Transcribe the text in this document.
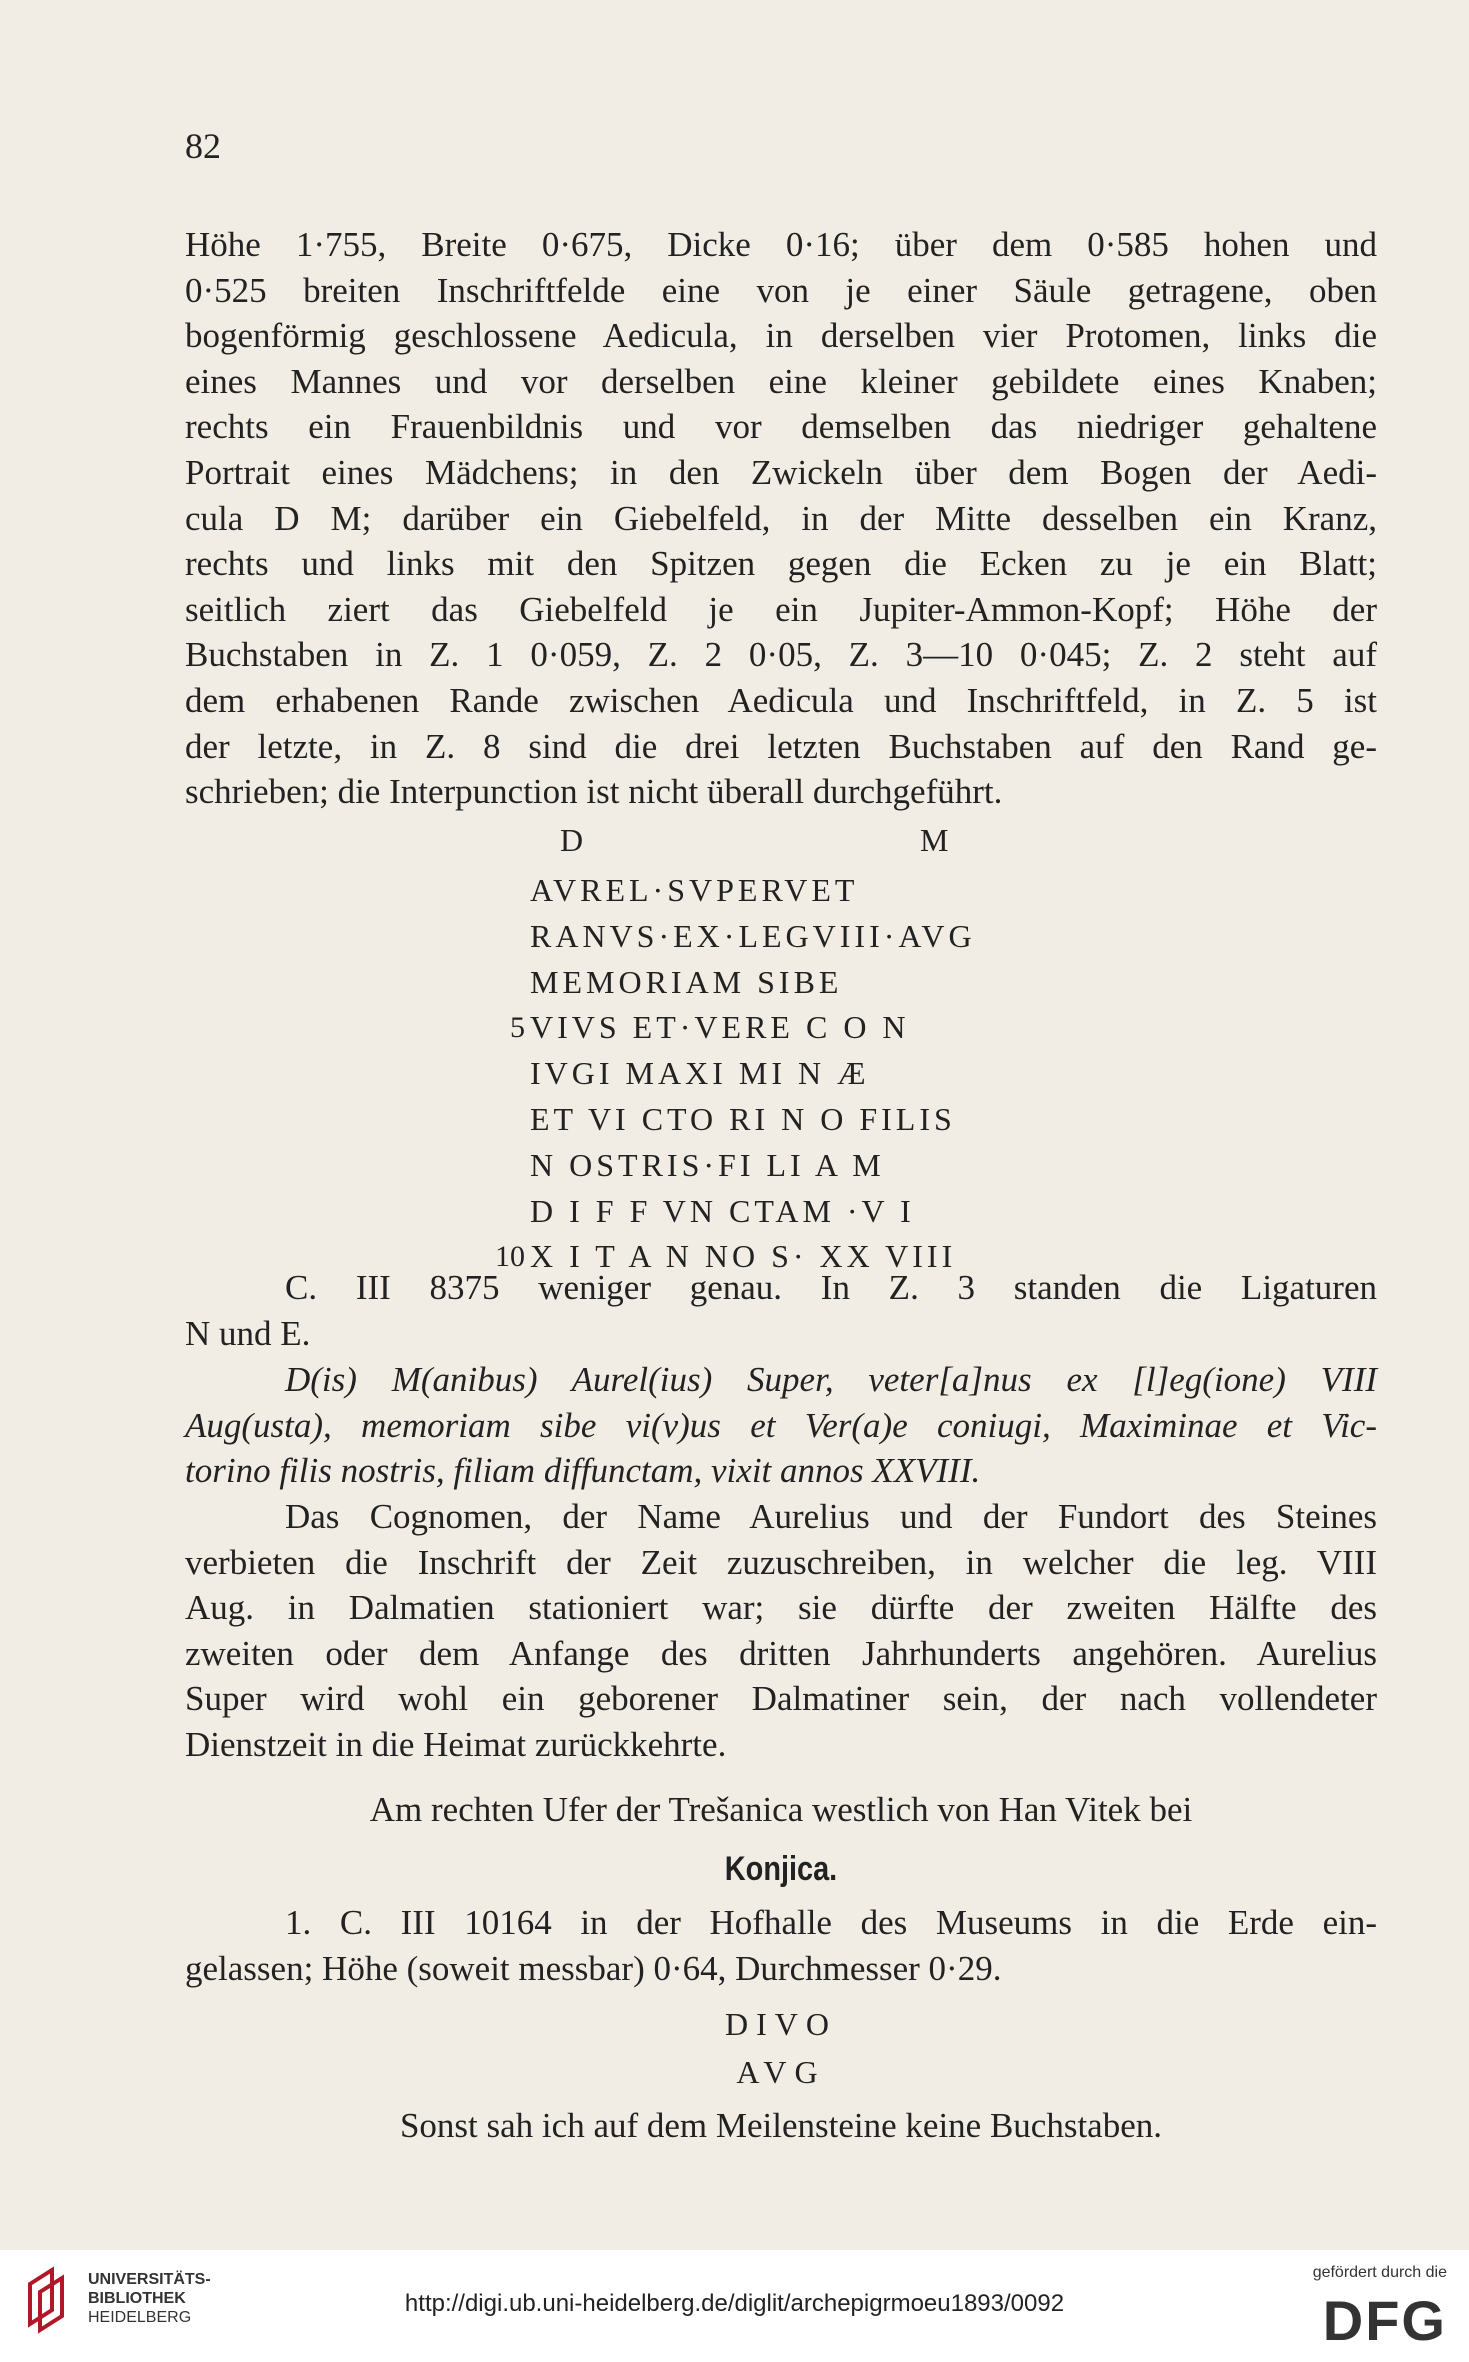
82
Höhe 1·755, Breite 0·675, Dicke 0·16; über dem 0·585 hohen und
0·525 breiten Inschriftfelde eine von je einer Säule getragene, oben
bogenförmig geschlossene Aedicula, in derselben vier Protomen, links die
eines Mannes und vor derselben eine kleiner gebildete eines Knaben;
rechts ein Frauenbildnis und vor demselben das niedriger gehaltene
Portrait eines Mädchens; in den Zwickeln über dem Bogen der Aedi-
cula D M; darüber ein Giebelfeld, in der Mitte desselben ein Kranz,
rechts und links mit den Spitzen gegen die Ecken zu je ein Blatt;
seitlich ziert das Giebelfeld je ein Jupiter-Ammon-Kopf; Höhe der
Buchstaben in Z. 1 0·059, Z. 2 0·05, Z. 3—10 0·045; Z. 2 steht auf
dem erhabenen Rande zwischen Aedicula und Inschriftfeld, in Z. 5 ist
der letzte, in Z. 8 sind die drei letzten Buchstaben auf den Rand ge-
schrieben; die Interpunction ist nicht überall durchgeführt.
D	M
AVREL·SVPERVET
RANVS·EX·LEGVIII·AVG
MEMORIAM SIBE
5 VIVS ET·VERE C O N
IVGI MAXI MI N Æ
ET VI CTO RI N O FILIS
N OSTRIS·FI LI A M
D I F F VN CTAM ·V I
10 X I T A N NO S· XX VIII
C. III 8375 weniger genau. In Z. 3 standen die Ligaturen
N und E.
D(is) M(anibus) Aurel(ius) Super, veter[a]nus ex [l]eg(ione) VIII
Aug(usta), memoriam sibe vi(v)us et Ver(a)e coniugi, Maximinae et Vic-
torino filis nostris, filiam diffunctam, vixit annos XXVIII.
Das Cognomen, der Name Aurelius und der Fundort des Steines
verbieten die Inschrift der Zeit zuzuschreiben, in welcher die leg. VIII
Aug. in Dalmatien stationiert war; sie dürfte der zweiten Hälfte des
zweiten oder dem Anfange des dritten Jahrhunderts angehören. Aurelius
Super wird wohl ein geborener Dalmatiner sein, der nach vollendeter
Dienstzeit in die Heimat zurückkehrte.
Am rechten Ufer der Trešanica westlich von Han Vitek bei
Konjica.
1. C. III 10164 in der Hofhalle des Museums in die Erde ein-
gelassen; Höhe (soweit messbar) 0·64, Durchmesser 0·29.
DIVO
AVG
Sonst sah ich auf dem Meilensteine keine Buchstaben.
UNIVERSITÄTS-
BIBLIOTHEK
HEIDELBERG
http://digi.ub.uni-heidelberg.de/diglit/archepigrmoeu1893/0092
gefördert durch die
DFG
